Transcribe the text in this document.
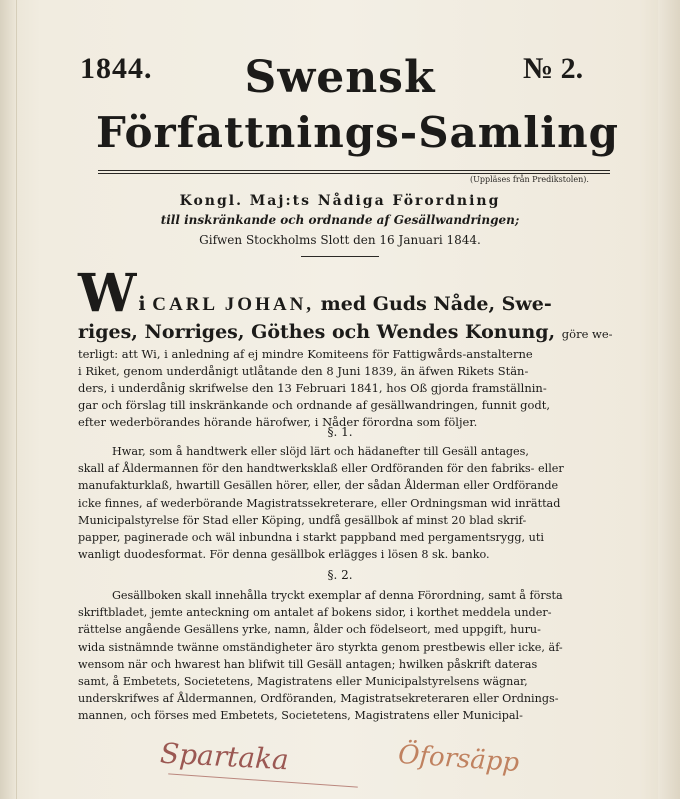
1844.	Swensk	№ 2.
Författnings-Samling
(Uppläses från Predikstolen).
Kongl. Maj:ts Nådiga Förordning
till inskränkande och ordnande af Gesällwandringen;
Gifwen Stockholms Slott den 16 Januari 1844.
W i CARL JOHAN, med Guds Nåde, Swe-
riges, Norriges, Göthes och Wendes Konung, göre we-
terligt: att Wi, i anledning af ej mindre Komiteens för Fattigwårds-anstalterne
i Riket, genom underdånigt utlåtande den 8 Juni 1839, än äfwen Rikets Stän-
ders, i underdånig skrifwelse den 13 Februari 1841, hos Oß gjorda framställnin-
gar och förslag till inskränkande och ordnande af gesällwandringen, funnit godt,
efter wederbörandes hörande härofwer, i Nåder förordna som följer.
§. 1.
Hwar, som å handtwerk eller slöjd lärt och hädanefter till Gesäll antages,
skall af Åldermannen för den handtwerksklaß eller Ordföranden för den fabriks- eller
manufakturklaß, hwartill Gesällen hörer, eller, der sådan Ålderman eller Ordförande
icke finnes, af wederbörande Magistratssekreterare, eller Ordningsman wid inrättad
Municipalstyrelse för Stad eller Köping, undfå gesällbok af minst 20 blad skrif-
papper, paginerade och wäl inbundna i starkt pappband med pergamentsrygg, uti
wanligt duodesformat. För denna gesällbok erlägges i lösen 8 sk. banko.
§. 2.
Gesällboken skall innehålla tryckt exemplar af denna Förordning, samt å första
skriftbladet, jemte anteckning om antalet af bokens sidor, i korthet meddela under-
rättelse angående Gesällens yrke, namn, ålder och födelseort, med uppgift, huru-
wida sistnämnde twänne omständigheter äro styrkta genom prestbewis eller icke, äf-
wensom när och hwarest han blifwit till Gesäll antagen; hwilken påskrift dateras
samt, å Embetets, Societetens, Magistratens eller Municipalstyrelsens wägnar,
underskrifwes af Åldermannen, Ordföranden, Magistratsekreteraren eller Ordnings-
mannen, och förses med Embetets, Societetens, Magistratens eller Municipal-
Spartaka	Öforsäpp
